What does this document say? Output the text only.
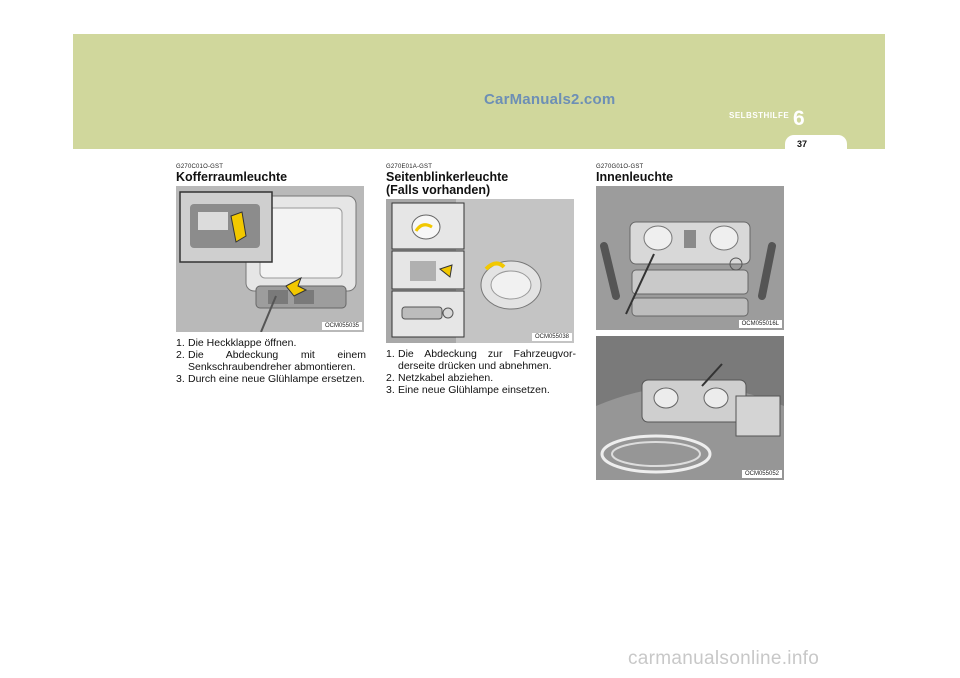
CarManuals2.com
SELBSTHILFE 6
37
G270C01O-GST
Kofferraumleuchte
OCM055035
1. Die Heckklappe öffnen.
2. Die Abdeckung mit einem Senkschraubendreher abmontieren.
3. Durch eine neue Glühlampe ersetzen.
G270E01A-GST
Seitenblinkerleuchte
(Falls vorhanden)
OCM055038
1. Die Abdeckung zur Fahrzeugvor- derseite drücken und abnehmen.
2. Netzkabel abziehen.
3. Eine neue Glühlampe einsetzen.
G270G01O-GST
Innenleuchte
OCM055016L
OCM055052
carmanualsonline.info
